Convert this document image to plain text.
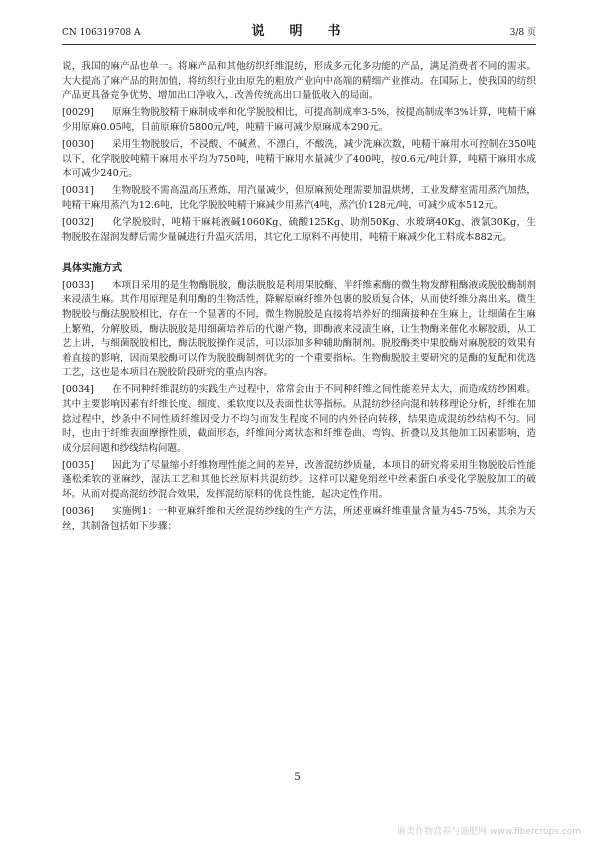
CN 106319708 A	说　明　书	3/8 页

说，我国的麻产品也单一。将麻产品和其他纺织纤维混纺，形成多元化多功能的产品，满足消费者不同的需求。大大提高了麻产品的附加值，将纺织行业由原先的粗放产业向中高端的精细产业推动。在国际上，使我国的纺织产品更具备竞争优势，增加出口净收入，改善传统高出口量低收入的局面。

[0029] 原麻生物脱胶精干麻制成率和化学脱胶相比，可提高制成率3-5%，按提高制成率3%计算，吨精干麻少用原麻0.05吨，目前原麻价5800元/吨，吨精干麻可减少原麻成本290元。

[0030] 采用生物脱胶后，不浸酸、不碱煮、不漂白，不酸洗，减少洗麻次数，吨精干麻用水可控制在350吨以下，化学脱胶吨精干麻用水平均为750吨，吨精干麻用水量减少了400吨，按0.6元/吨计算，吨精干麻用水成本可减少240元。

[0031] 生物脱胶不需高温高压煮炼，用汽量减少，但原麻预处理需要加温烘烤，工业发酵室需用蒸汽加热，吨精干麻用蒸汽为12.6吨，比化学脱胶吨精干麻减少用蒸汽4吨，蒸汽价128元/吨，可减少成本512元。

[0032] 化学脱胶时，吨精干麻耗液碱1060Kg、硫酸125Kg、助剂50Kg、水玻璃40Kg、液氯30Kg，生物脱胶在湿润发酵后需少量碱进行升温灭活用，其它化工原料不再使用，吨精干麻减少化工料成本882元。

具体实施方式

[0033] 本项目采用的是生物酶脱胶，酶法脱胶是利用果胶酶、半纤维素酶的微生物发酵粗酶液或脱胶酶制剂来浸渍生麻。其作用原理是利用酶的生物活性，降解原麻纤维外包裹的胶质复合体，从而使纤维分离出来。微生物脱胶与酶法脱胶相比，存在一个显著的不同，微生物脱胶是直接将培养好的细菌接种在生麻上，让细菌在生麻上繁殖，分解胶质，酶法脱胶是用细菌培养后的代谢产物，即酶液来浸渍生麻，让生物酶来催化水解胶质，从工艺上讲，与细菌脱胶相比，酶法脱胶操作灵活，可以添加多种辅助酶制剂。脱胶酶类中果胶酶对麻脱胶的效果有着直接的影响，因而果胶酶可以作为脱胶酶制剂优劣的一个重要指标。生物酶脱胶主要研究的是酶的复配和优选工艺，这也是本项目在脱胶阶段研究的重点内容。

[0034] 在不同种纤维混纺的实践生产过程中，常常会由于不同种纤维之间性能差异太大，而造成纺纱困难。其中主要影响因素有纤维长度、细度、柔软度以及表面性状等指标。从混纺纱径向混和转移理论分析，纤维在加捻过程中，纱条中不同性质纤维因受力不均匀而发生程度不同的内外径向转移，结果造成混纺纱结构不匀。同时，也由于纤维表面摩擦性质，截面形态，纤维间分离状态和纤维卷曲、弯钩、折叠以及其他加工因素影响，造成分层问题和纱线结构问题。

[0035] 因此为了尽量缩小纤维物理性能之间的差异，改善混纺纱质量，本项目的研究将采用生物脱胶后性能蓬松柔软的亚麻纱，湿法工艺和其他长丝原料共混纺纱。这样可以避免绢丝中丝素蛋白承受化学脱胶加工的破坏。从而对提高混纺纱混合效果，发挥混纺原料的优良性能，起决定性作用。

[0036] 实施例1：一种亚麻纤维和天丝混纺纱线的生产方法，所述亚麻纤维重量含量为45-75%，其余为天丝，其制备包括如下步骤：

5
麻类作物营养与施肥网 www.fibercrops.com
